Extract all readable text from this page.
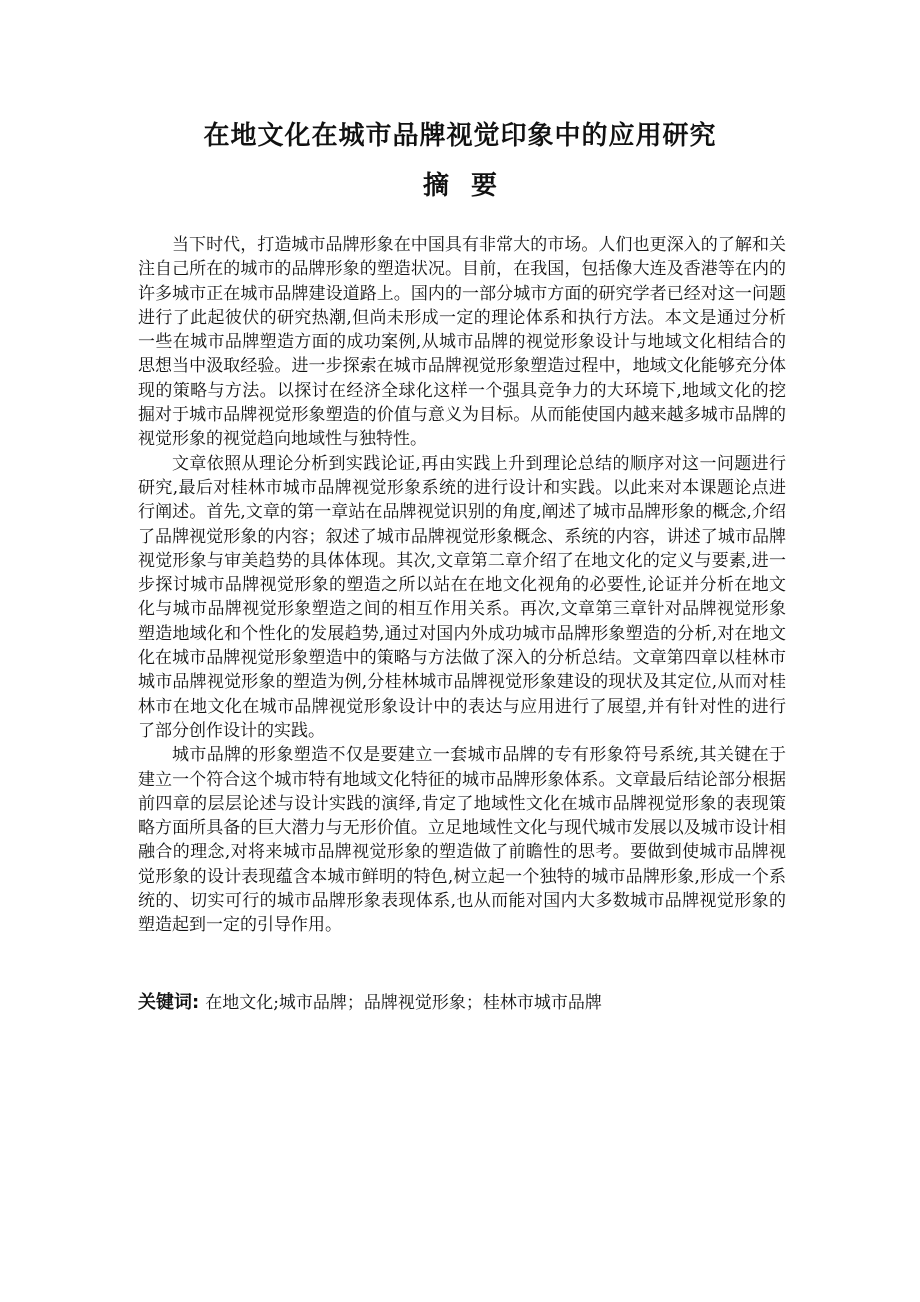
在地文化在城市品牌视觉印象中的应用研究
摘要

当下时代，打造城市品牌形象在中国具有非常大的市场。人们也更深入的了解和关注自己所在的城市的品牌形象的塑造状况。目前，在我国，包括像大连及香港等在内的许多城市正在城市品牌建设道路上。国内的一部分城市方面的研究学者已经对这一问题进行了此起彼伏的研究热潮,但尚未形成一定的理论体系和执行方法。本文是通过分析一些在城市品牌塑造方面的成功案例,从城市品牌的视觉形象设计与地域文化相结合的思想当中汲取经验。进一步探索在城市品牌视觉形象塑造过程中，地域文化能够充分体现的策略与方法。以探讨在经济全球化这样一个强具竞争力的大环境下,地域文化的挖掘对于城市品牌视觉形象塑造的价值与意义为目标。从而能使国内越来越多城市品牌的视觉形象的视觉趋向地域性与独特性。

文章依照从理论分析到实践论证,再由实践上升到理论总结的顺序对这一问题进行研究,最后对桂林市城市品牌视觉形象系统的进行设计和实践。以此来对本课题论点进行阐述。首先,文章的第一章站在品牌视觉识别的角度,阐述了城市品牌形象的概念,介绍了品牌视觉形象的内容；叙述了城市品牌视觉形象概念、系统的内容，讲述了城市品牌视觉形象与审美趋势的具体体现。其次,文章第二章介绍了在地文化的定义与要素,进一步探讨城市品牌视觉形象的塑造之所以站在在地文化视角的必要性,论证并分析在地文化与城市品牌视觉形象塑造之间的相互作用关系。再次,文章第三章针对品牌视觉形象塑造地域化和个性化的发展趋势,通过对国内外成功城市品牌形象塑造的分析,对在地文化在城市品牌视觉形象塑造中的策略与方法做了深入的分析总结。文章第四章以桂林市城市品牌视觉形象的塑造为例,分桂林城市品牌视觉形象建设的现状及其定位,从而对桂林市在地文化在城市品牌视觉形象设计中的表达与应用进行了展望,并有针对性的进行了部分创作设计的实践。

城市品牌的形象塑造不仅是要建立一套城市品牌的专有形象符号系统,其关键在于建立一个符合这个城市特有地域文化特征的城市品牌形象体系。文章最后结论部分根据前四章的层层论述与设计实践的演绎,肯定了地域性文化在城市品牌视觉形象的表现策略方面所具备的巨大潜力与无形价值。立足地域性文化与现代城市发展以及城市设计相融合的理念,对将来城市品牌视觉形象的塑造做了前瞻性的思考。要做到使城市品牌视觉形象的设计表现蕴含本城市鲜明的特色,树立起一个独特的城市品牌形象,形成一个系统的、切实可行的城市品牌形象表现体系,也从而能对国内大多数城市品牌视觉形象的塑造起到一定的引导作用。

关键词: 在地文化;城市品牌；品牌视觉形象；桂林市城市品牌
